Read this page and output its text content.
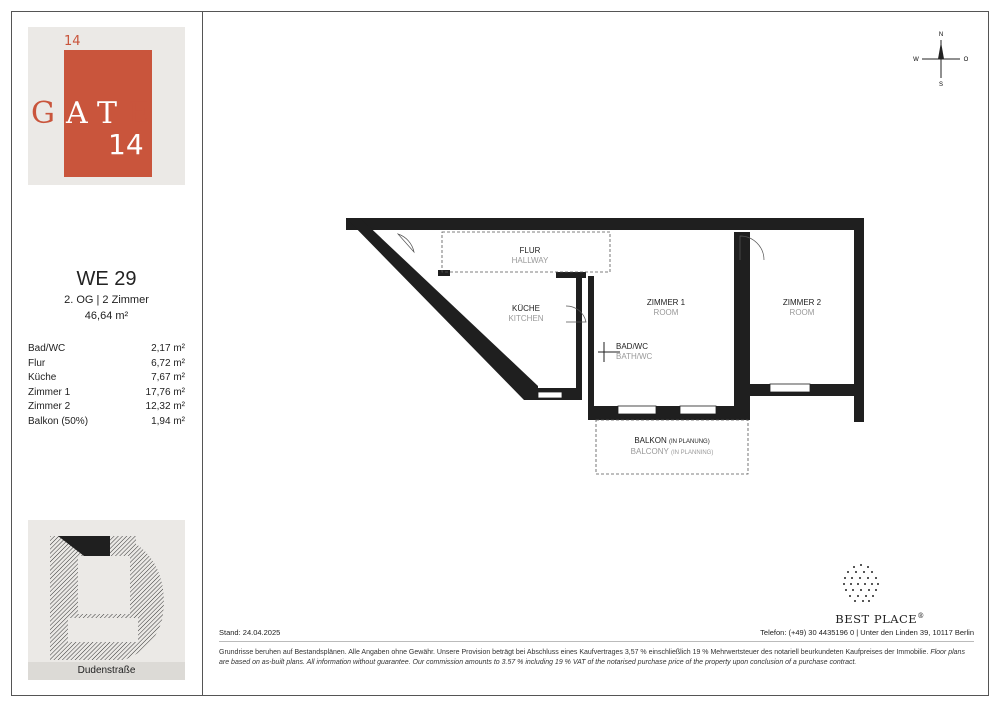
14
GATE
14
WE 29
2. OG | 2 Zimmer
46,64 m²
Bad/WC	2,17 m²
Flur	6,72 m²
Küche	7,67 m²
Zimmer 1	17,76 m²
Zimmer 2	12,32 m²
Balkon (50%)	1,94 m²
Dudenstraße
N
S
W	O
FLUR
HALLWAY
KÜCHE
KITCHEN
ZIMMER 1
ROOM
ZIMMER 2
ROOM
BAD/WC
BATH/WC
BALKON (IN PLANUNG)
BALCONY (IN PLANNING)
BEST PLACE®
Stand: 24.04.2025	Telefon: (+49) 30 4435196 0 | Unter den Linden 39, 10117 Berlin
Grundrisse beruhen auf Bestandsplänen. Alle Angaben ohne Gewähr. Unsere Provision beträgt bei Abschluss eines Kaufvertrages 3,57 % einschließlich 19 % Mehrwertsteuer des notariell beurkundeten Kaufpreises der Immobilie. Floor plans are based on as-built plans. All information without guarantee. Our commission amounts to 3.57 % including 19 % VAT of the notarised purchase price of the property upon conclusion of a purchase contract.
